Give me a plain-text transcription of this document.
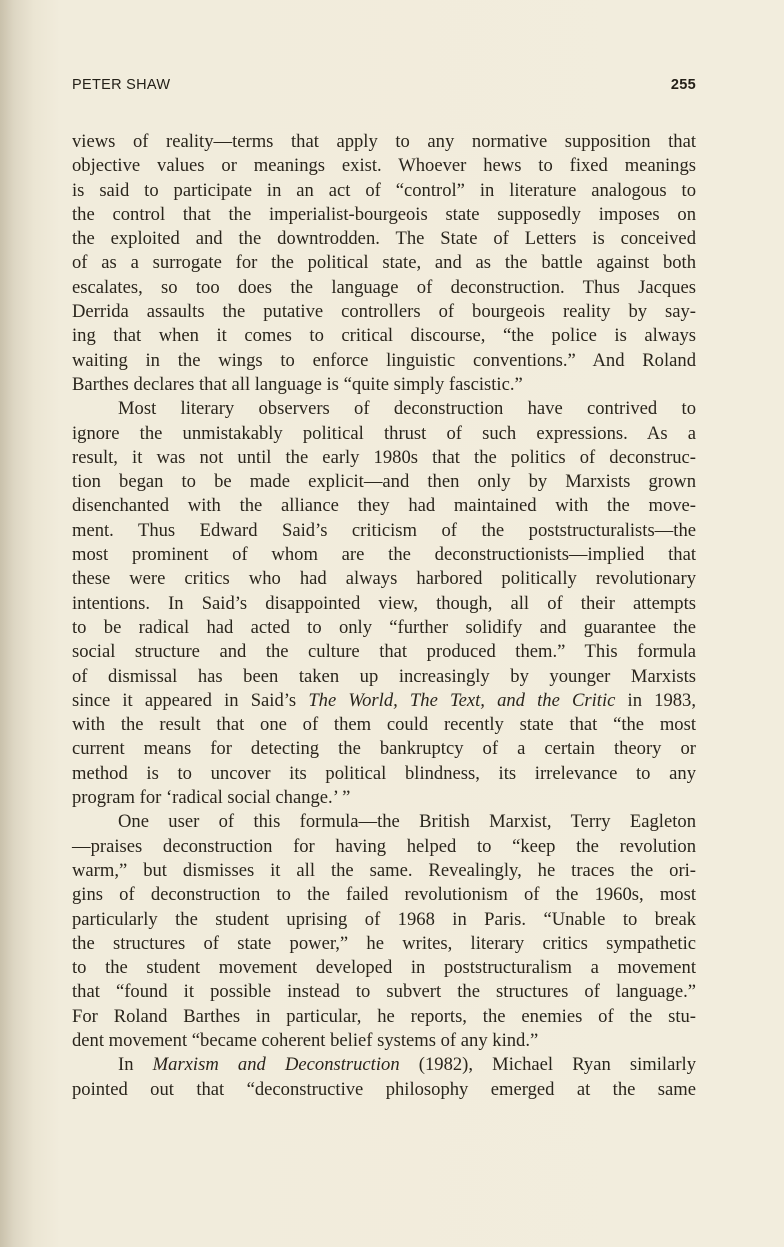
PETER SHAW	255
views of reality—terms that apply to any normative supposition that
objective values or meanings exist. Whoever hews to fixed meanings
is said to participate in an act of “control” in literature analogous to
the control that the imperialist-bourgeois state supposedly imposes on
the exploited and the downtrodden. The State of Letters is conceived
of as a surrogate for the political state, and as the battle against both
escalates, so too does the language of deconstruction. Thus Jacques
Derrida assaults the putative controllers of bourgeois reality by say-
ing that when it comes to critical discourse, “the police is always
waiting in the wings to enforce linguistic conventions.” And Roland
Barthes declares that all language is “quite simply fascistic.”
Most literary observers of deconstruction have contrived to
ignore the unmistakably political thrust of such expressions. As a
result, it was not until the early 1980s that the politics of deconstruc-
tion began to be made explicit—and then only by Marxists grown
disenchanted with the alliance they had maintained with the move-
ment. Thus Edward Said’s criticism of the poststructuralists—the
most prominent of whom are the deconstructionists—implied that
these were critics who had always harbored politically revolutionary
intentions. In Said’s disappointed view, though, all of their attempts
to be radical had acted to only “further solidify and guarantee the
social structure and the culture that produced them.” This formula
of dismissal has been taken up increasingly by younger Marxists
since it appeared in Said’s The World, The Text, and the Critic in 1983,
with the result that one of them could recently state that “the most
current means for detecting the bankruptcy of a certain theory or
method is to uncover its political blindness, its irrelevance to any
program for ‘radical social change.’ ”
One user of this formula—the British Marxist, Terry Eagleton
—praises deconstruction for having helped to “keep the revolution
warm,” but dismisses it all the same. Revealingly, he traces the ori-
gins of deconstruction to the failed revolutionism of the 1960s, most
particularly the student uprising of 1968 in Paris. “Unable to break
the structures of state power,” he writes, literary critics sympathetic
to the student movement developed in poststructuralism a movement
that “found it possible instead to subvert the structures of language.”
For Roland Barthes in particular, he reports, the enemies of the stu-
dent movement “became coherent belief systems of any kind.”
In Marxism and Deconstruction (1982), Michael Ryan similarly
pointed out that “deconstructive philosophy emerged at the same
